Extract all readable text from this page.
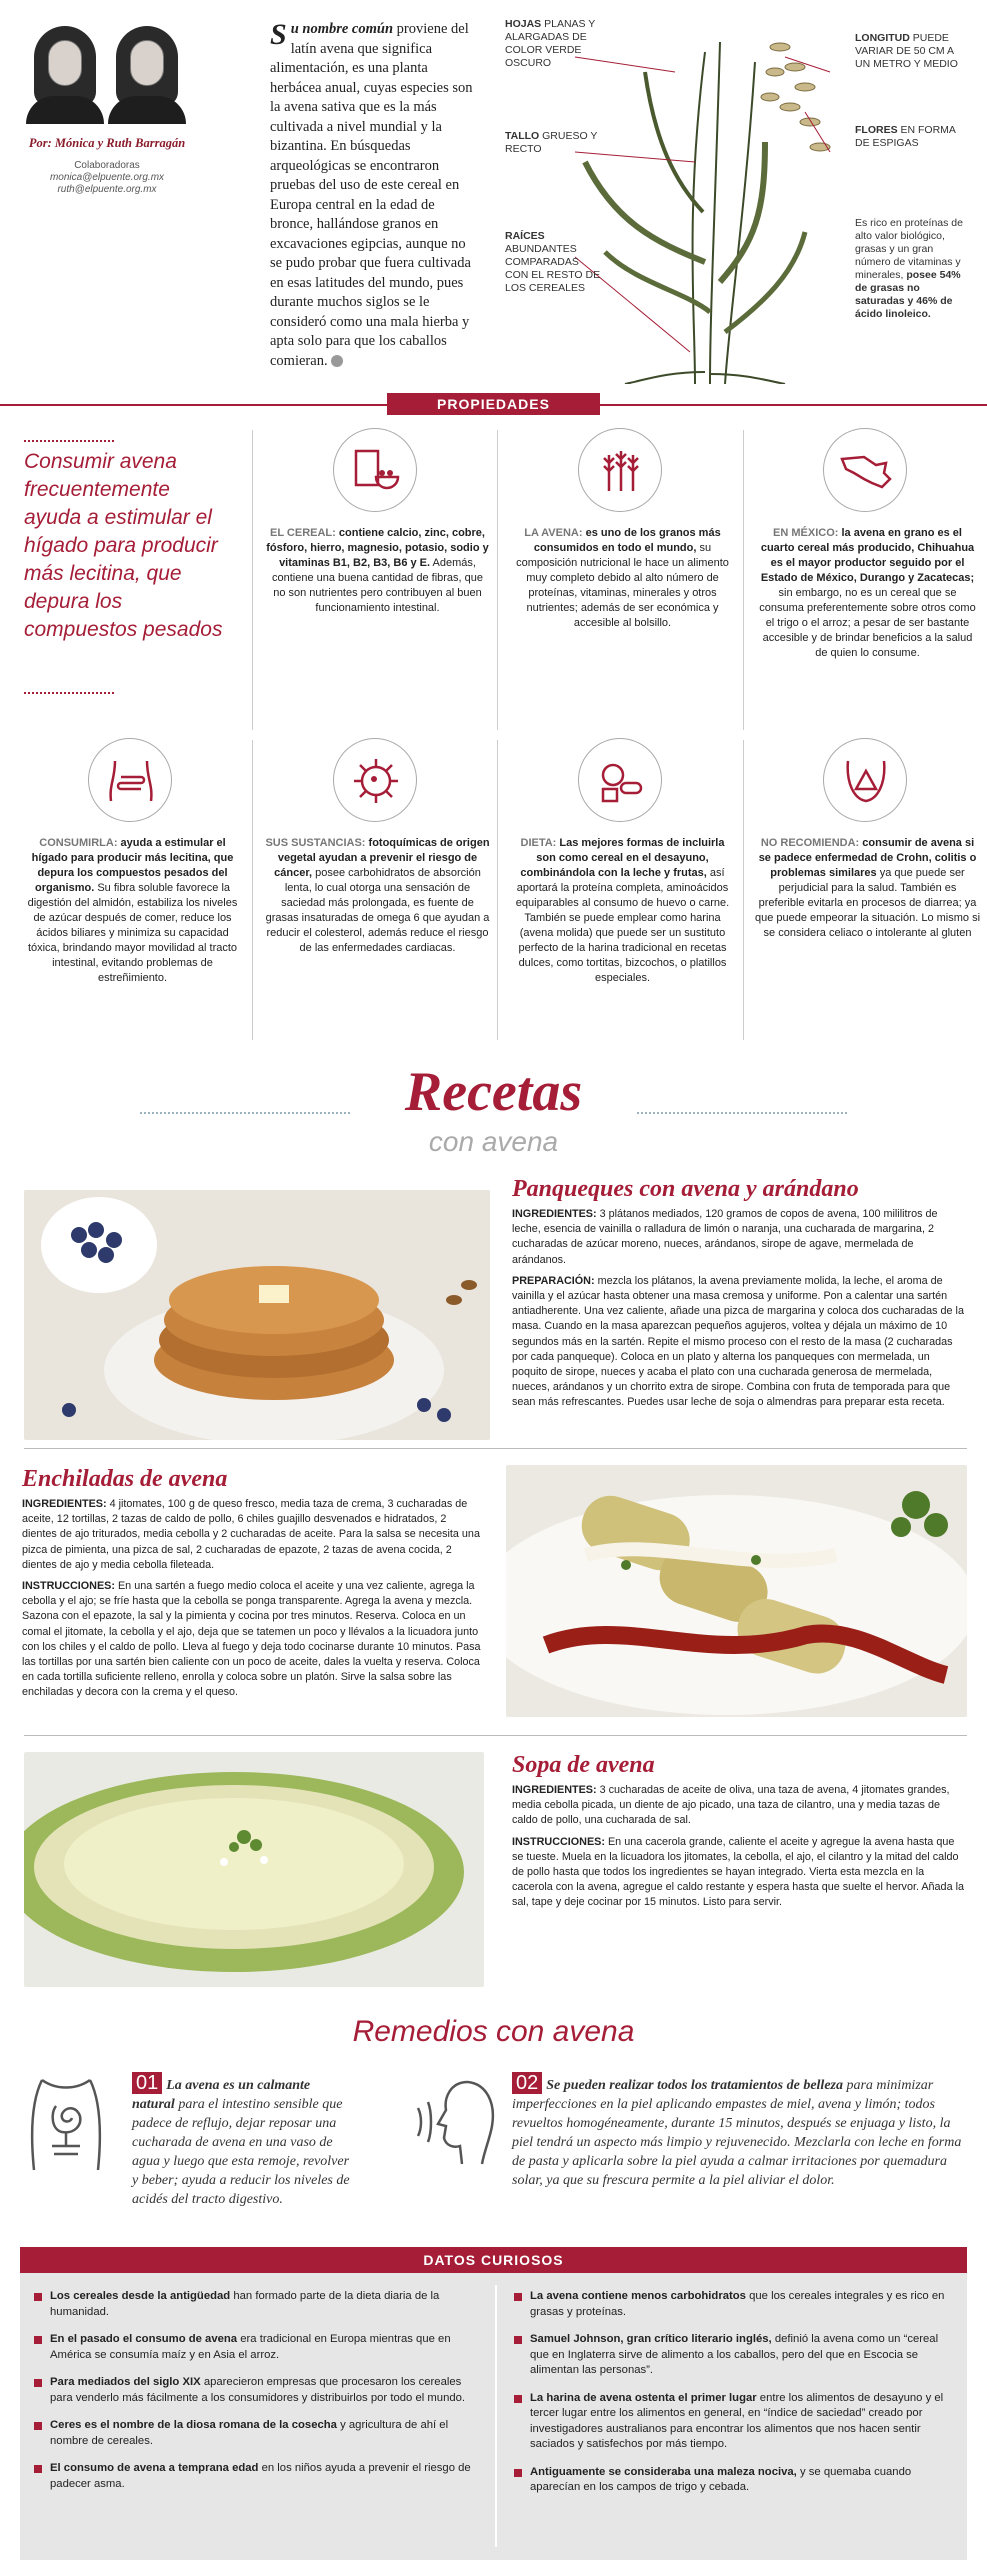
Por: Mónica y Ruth Barragán
Colaboradoras
monica@elpuente.org.mx
ruth@elpuente.org.mx
Su nombre común proviene del latín avena que significa alimentación, es una planta herbácea anual, cuyas especies son la avena sativa que es la más cultivada a nivel mundial y la bizantina. En búsquedas arqueológicas se encontraron pruebas del uso de este cereal en Europa central en la edad de bronce, hallándose granos en excavaciones egipcias, aunque no se pudo probar que fuera cultivada en esas latitudes del mundo, pues durante muchos siglos se le consideró como una mala hierba y apta solo para que los caballos comieran.
HOJAS PLANAS Y ALARGADAS DE COLOR VERDE OSCURO
TALLO GRUESO Y RECTO
RAÍCES ABUNDANTES COMPARADAS CON EL RESTO DE LOS CEREALES
LONGITUD PUEDE VARIAR DE 50 CM A UN METRO Y MEDIO
FLORES EN FORMA DE ESPIGAS
Es rico en proteínas de alto valor biológico, grasas y un gran número de vitaminas y minerales, posee 54% de grasas no saturadas y 46% de ácido linoleico.
PROPIEDADES
Consumir avena frecuentemente ayuda a estimular el hígado para producir más lecitina, que depura los compuestos pesados
EL CEREAL: contiene calcio, zinc, cobre, fósforo, hierro, magnesio, potasio, sodio y vitaminas B1, B2, B3, B6 y E. Además, contiene una buena cantidad de fibras, que no son nutrientes pero contribuyen al buen funcionamiento intestinal.
LA AVENA: es uno de los granos más consumidos en todo el mundo, su composición nutricional le hace un alimento muy completo debido al alto número de proteínas, vitaminas, minerales y otros nutrientes; además de ser económica y accesible al bolsillo.
EN MÉXICO: la avena en grano es el cuarto cereal más producido, Chihuahua es el mayor productor seguido por el Estado de México, Durango y Zacatecas; sin embargo, no es un cereal que se consuma preferentemente sobre otros como el trigo o el arroz; a pesar de ser bastante accesible y de brindar beneficios a la salud de quien lo consume.
CONSUMIRLA: ayuda a estimular el hígado para producir más lecitina, que depura los compuestos pesados del organismo. Su fibra soluble favorece la digestión del almidón, estabiliza los niveles de azúcar después de comer, reduce los ácidos biliares y minimiza su capacidad tóxica, brindando mayor movilidad al tracto intestinal, evitando problemas de estreñimiento.
SUS SUSTANCIAS: fotoquímicas de origen vegetal ayudan a prevenir el riesgo de cáncer, posee carbohidratos de absorción lenta, lo cual otorga una sensación de saciedad más prolongada, es fuente de grasas insaturadas de omega 6 que ayudan a reducir el colesterol, además reduce el riesgo de las enfermedades cardiacas.
DIETA: Las mejores formas de incluirla son como cereal en el desayuno, combinándola con la leche y frutas, así aportará la proteína completa, aminoácidos equiparables al consumo de huevo o carne. También se puede emplear como harina (avena molida) que puede ser un sustituto perfecto de la harina tradicional en recetas dulces, como tortitas, bizcochos, o platillos especiales.
NO RECOMIENDA: consumir de avena si se padece enfermedad de Crohn, colitis o problemas similares ya que puede ser perjudicial para la salud. También es preferible evitarla en procesos de diarrea; ya que puede empeorar la situación. Lo mismo si se considera celiaco o intolerante al gluten
Recetas
con avena
Panqueques con avena y arándano

INGREDIENTES: 3 plátanos mediados, 120 gramos de copos de avena, 100 mililitros de leche, esencia de vainilla o ralladura de limón o naranja, una cucharada de margarina, 2 cucharadas de azúcar moreno, nueces, arándanos, sirope de agave, mermelada de arándanos.

PREPARACIÓN: mezcla los plátanos, la avena previamente molida, la leche, el aroma de vainilla y el azúcar hasta obtener una masa cremosa y uniforme. Pon a calentar una sartén antiadherente. Una vez caliente, añade una pizca de margarina y coloca dos cucharadas de la masa. Cuando en la masa aparezcan pequeños agujeros, voltea y déjala un máximo de 10 segundos más en la sartén. Repite el mismo proceso con el resto de la masa (2 cucharadas por cada panqueque). Coloca en un plato y alterna los panqueques con mermelada, un poquito de sirope, nueces y acaba el plato con una cucharada generosa de mermelada, nueces, arándanos y un chorrito extra de sirope. Combina con fruta de temporada para que sean más refrescantes. Puedes usar leche de soja o almendras para preparar esta receta.

Enchiladas de avena

INGREDIENTES: 4 jitomates, 100 g de queso fresco, media taza de crema, 3 cucharadas de aceite, 12 tortillas, 2 tazas de caldo de pollo, 6 chiles guajillo desvenados e hidratados, 2 dientes de ajo triturados, media cebolla y 2 cucharadas de aceite. Para la salsa se necesita una pizca de pimienta, una pizca de sal, 2 cucharadas de epazote, 2 tazas de avena cocida, 2 dientes de ajo y media cebolla fileteada.

INSTRUCCIONES: En una sartén a fuego medio coloca el aceite y una vez caliente, agrega la cebolla y el ajo; se fríe hasta que la cebolla se ponga transparente. Agrega la avena y mezcla. Sazona con el epazote, la sal y la pimienta y cocina por tres minutos. Reserva. Coloca en un comal el jitomate, la cebolla y el ajo, deja que se tatemen un poco y llévalos a la licuadora junto con los chiles y el caldo de pollo. Lleva al fuego y deja todo cocinarse durante 10 minutos. Pasa las tortillas por una sartén bien caliente con un poco de aceite, dales la vuelta y reserva. Coloca en cada tortilla suficiente relleno, enrolla y coloca sobre un platón. Sirve la salsa sobre las enchiladas y decora con la crema y el queso.

Sopa de avena

INGREDIENTES: 3 cucharadas de aceite de oliva, una taza de avena, 4 jitomates grandes, media cebolla picada, un diente de ajo picado, una taza de cilantro, una y media tazas de caldo de pollo, una cucharada de sal.

INSTRUCCIONES: En una cacerola grande, caliente el aceite y agregue la avena hasta que se tueste. Muela en la licuadora los jitomates, la cebolla, el ajo, el cilantro y la mitad del caldo de pollo hasta que todos los ingredientes se hayan integrado. Vierta esta mezcla en la cacerola con la avena, agregue el caldo restante y espera hasta que suelte el hervor. Añada la sal, tape y deje cocinar por 15 minutos. Listo para servir.

Remedios con avena
01 La avena es un calmante natural para el intestino sensible que padece de reflujo, dejar reposar una cucharada de avena en una vaso de agua y luego que esta remoje, revolver y beber; ayuda a reducir los niveles de acidés del tracto digestivo.
02 Se pueden realizar todos los tratamientos de belleza para minimizar imperfecciones en la piel aplicando empastes de miel, avena y limón; todos revueltos homogéneamente, durante 15 minutos, después se enjuaga y listo, la piel tendrá un aspecto más limpio y rejuvenecido. Mezclarla con leche en forma de pasta y aplicarla sobre la piel ayuda a calmar irritaciones por quemadura solar, ya que su frescura permite a la piel aliviar el dolor.
DATOS CURIOSOS
Los cereales desde la antigüedad han formado parte de la dieta diaria de la humanidad.
En el pasado el consumo de avena era tradicional en Europa mientras que en América se consumía maíz y en Asia el arroz.
Para mediados del siglo XIX aparecieron empresas que procesaron los cereales para venderlo más fácilmente a los consumidores y distribuirlos por todo el mundo.
Ceres es el nombre de la diosa romana de la cosecha y agricultura de ahí el nombre de cereales.
El consumo de avena a temprana edad en los niños ayuda a prevenir el riesgo de padecer asma.
La avena contiene menos carbohidratos que los cereales integrales y es rico en grasas y proteínas.
Samuel Johnson, gran crítico literario inglés, definió la avena como un “cereal que en Inglaterra sirve de alimento a los caballos, pero del que en Escocia se alimentan las personas”.
La harina de avena ostenta el primer lugar entre los alimentos de desayuno y el tercer lugar entre los alimentos en general, en “índice de saciedad” creado por investigadores australianos para encontrar los alimentos que nos hacen sentir saciados y satisfechos por más tiempo.
Antiguamente se consideraba una maleza nociva, y se quemaba cuando aparecían en los campos de trigo y cebada.
